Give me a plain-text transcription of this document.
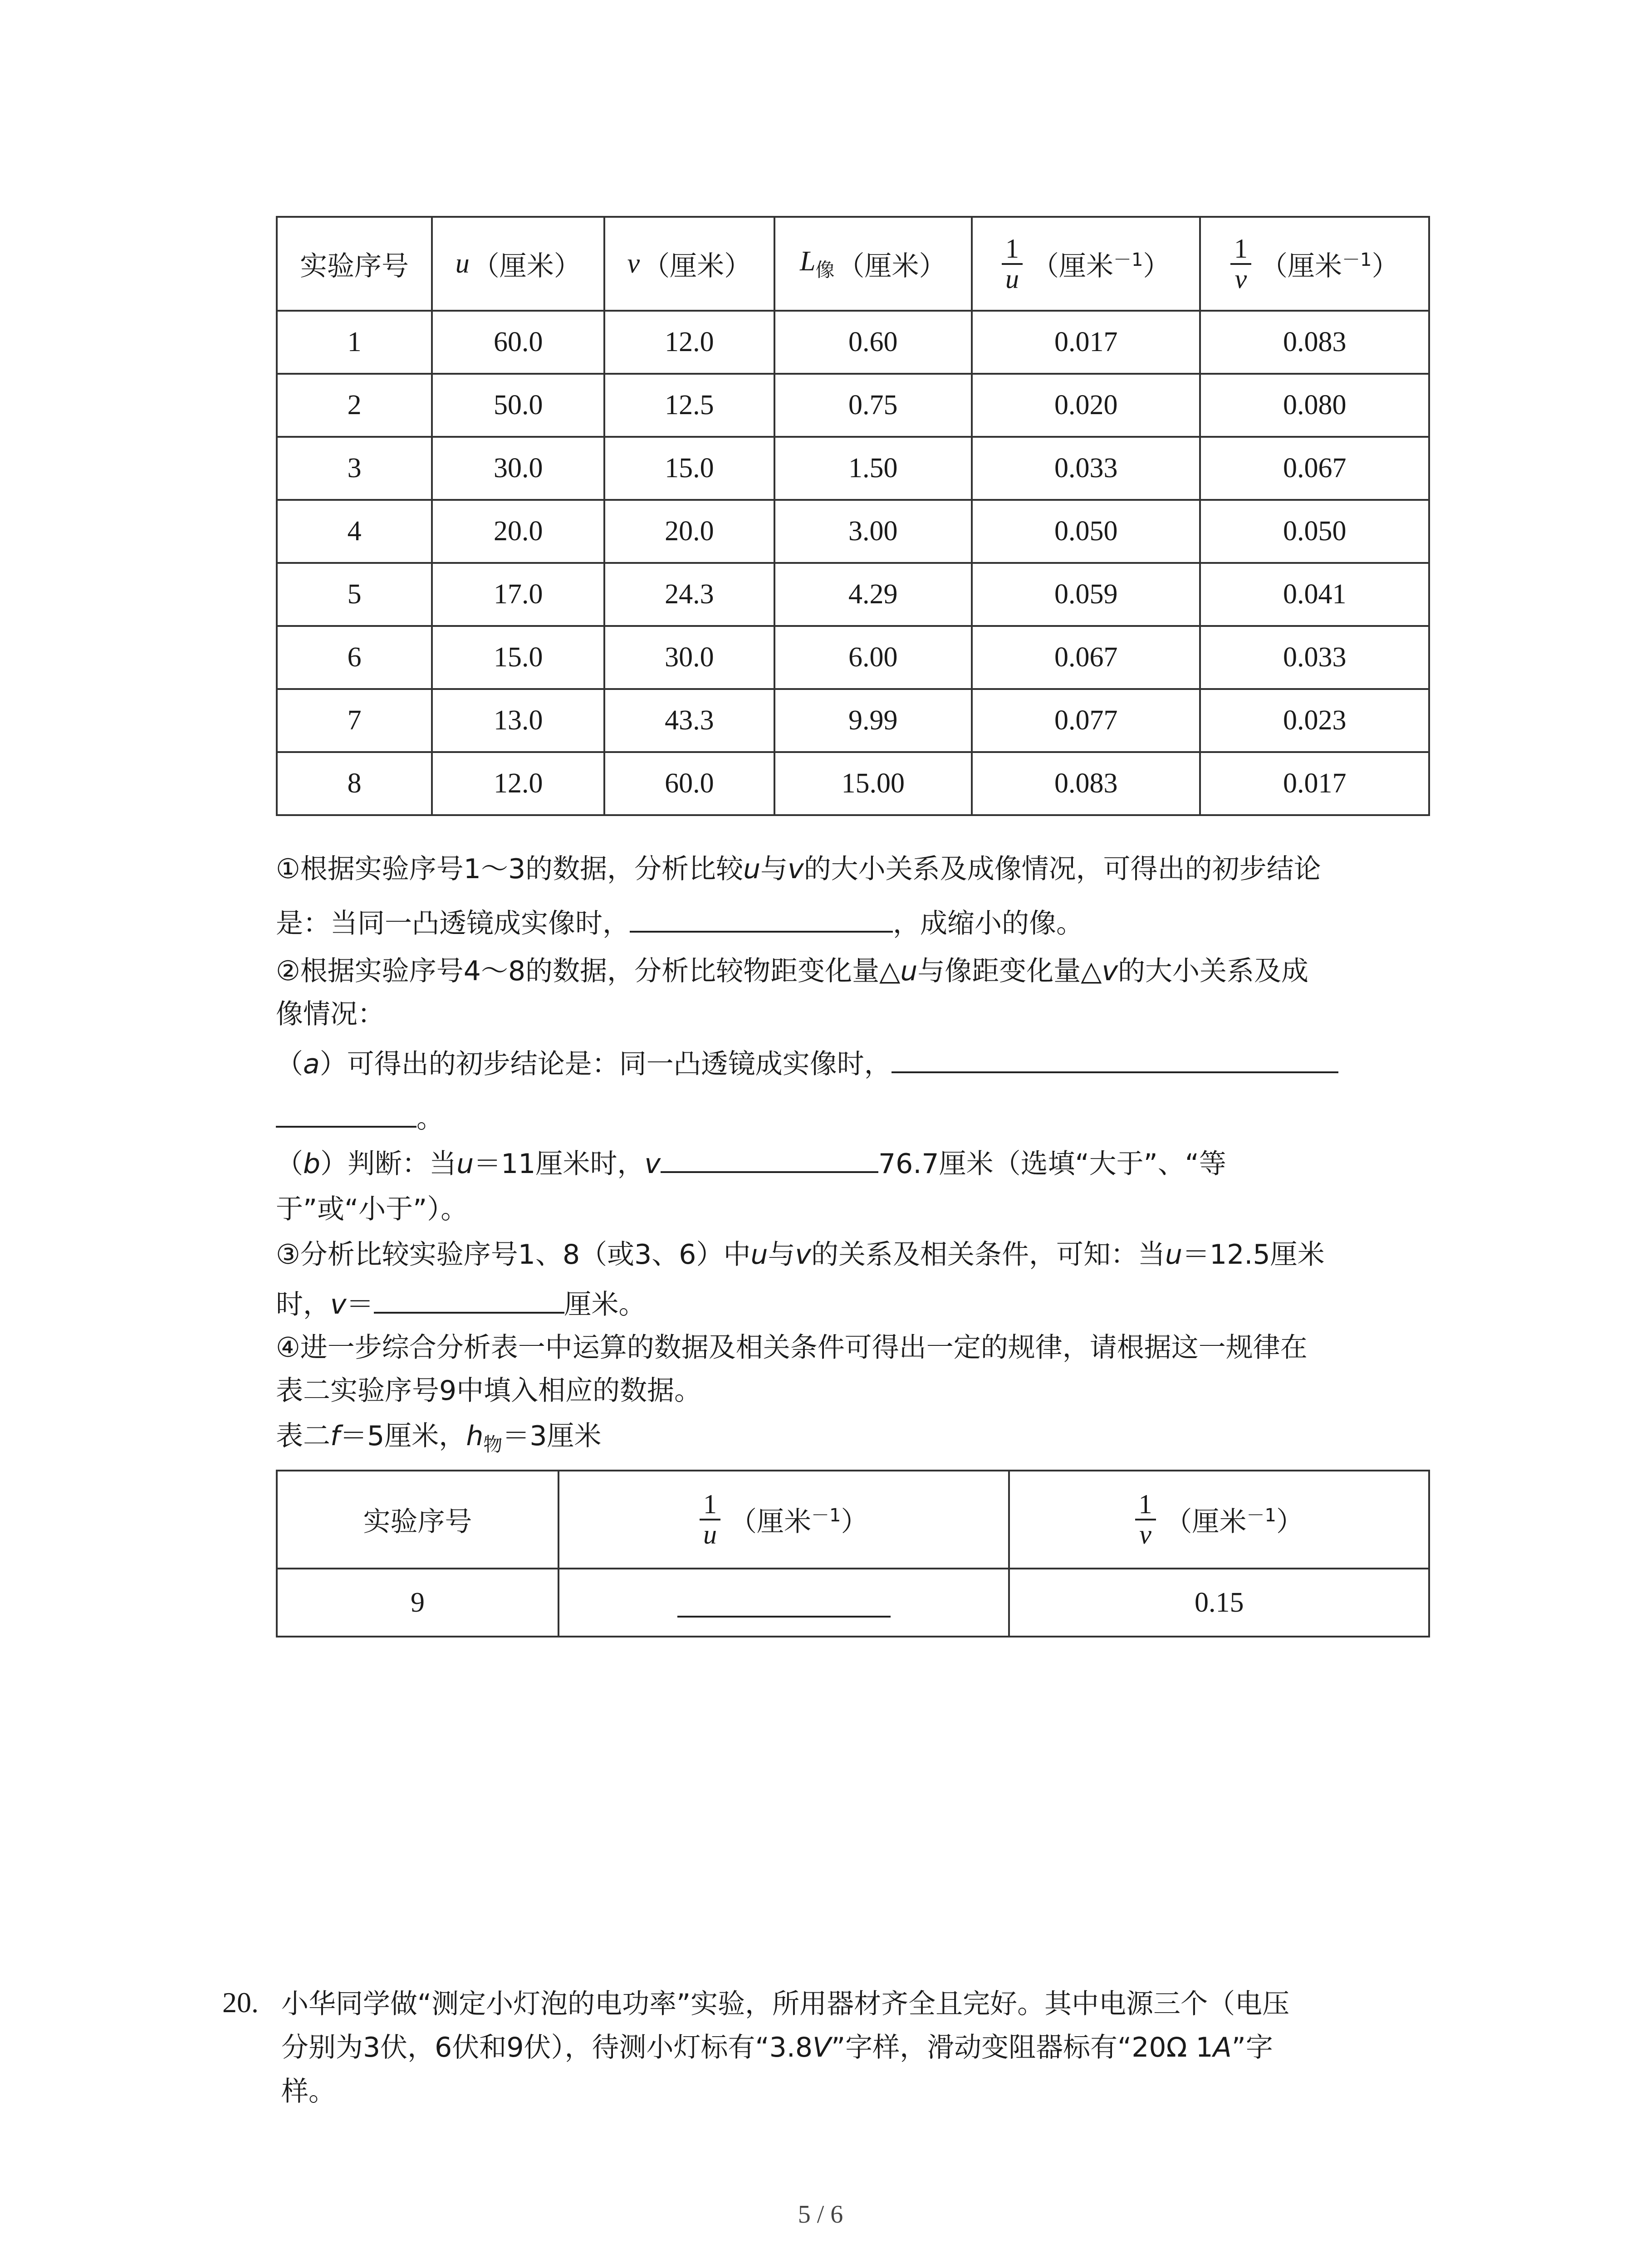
实验序号	u （厘米）	v （厘米）	$L_像$ （厘米）	$\frac{1}{u}$ （厘米$^{-1}$）	$\frac{1}{v}$ （厘米$^{-1}$）

1	60.0	12.0	0.60	0.017	0.083
2	50.0	12.5	0.75	0.020	0.080
3	30.0	15.0	1.50	0.033	0.067
4	20.0	20.0	3.00	0.050	0.050
5	17.0	24.3	4.29	0.059	0.041
6	15.0	30.0	6.00	0.067	0.033
7	13.0	43.3	9.99	0.077	0.023
8	12.0	60.0	15.00	0.083	0.017
①根据实验序号1～3的数据，分析比较u与v的大小关系及成像情况，可得出的初步结论
是：当同一凸透镜成实像时，	，成缩小的像。
②根据实验序号4～8的数据，分析比较物距变化量△u与像距变化量△v的大小关系及成
像情况：
（a）可得出的初步结论是：同一凸透镜成实像时，
。
（b）判断：当u＝11厘米时，v	76.7厘米（选填“大于”、“等
于”或“小于”）。
③分析比较实验序号1、8（或3、6）中u与v的关系及相关条件，可知：当u＝12.5厘米
时，v＝	厘米。
④进一步综合分析表一中运算的数据及相关条件可得出一定的规律，请根据这一规律在
表二实验序号9中填入相应的数据。
表二f＝5厘米，$h_物=3$厘米
实验序号	$\frac{1}{u}$ （厘米$^{-1}$）	$\frac{1}{v}$ （厘米$^{-1}$）

9		0.15
20. 小华同学做“测定小灯泡的电功率”实验，所用器材齐全且完好。其中电源三个（电压
分别为3伏，6伏和9伏），待测小灯标有“3.8V”字样，滑动变阻器标有“20Ω 1A”字
样。
5 / 6
